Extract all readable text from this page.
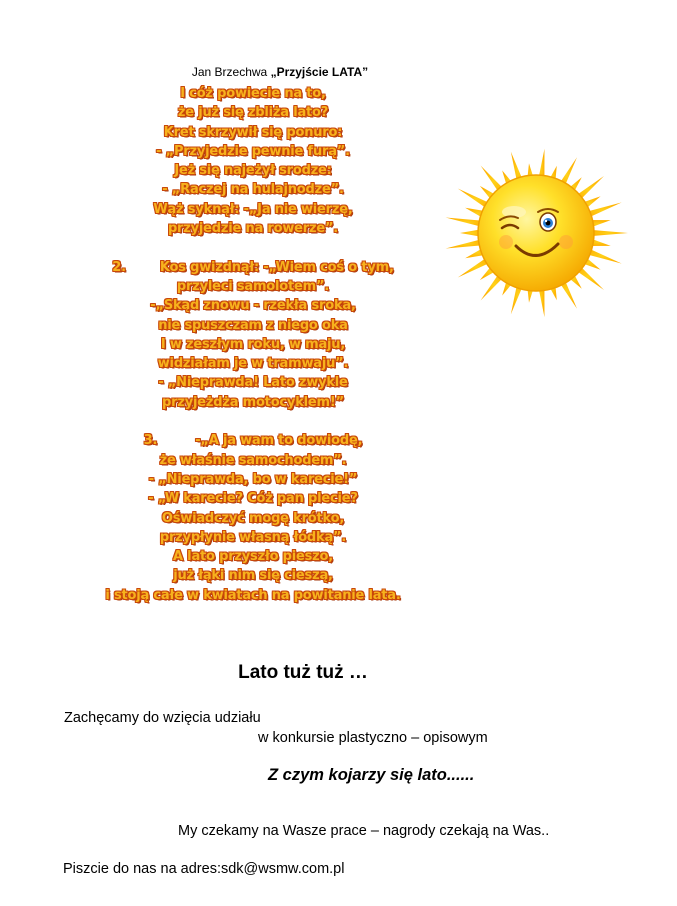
Jan Brzechwa „Przyjście LATA”
I cóż powiecie na to,
że już się zbliża lato?
Kret skrzywił się ponuro:
- „Przyjedzie pewnie furą”.
Jeż się najeżył srodze:
- „Raczej na hulajnodze”.
Wąż syknął: -„Ja nie wierzę,
przyjedzie na rowerze”.
2.	Kos gwizdnął: -„Wiem coś o tym,
przyleci samolotem”.
-„Skąd znowu - rzekła sroka,
nie spuszczam z niego oka
I w zeszłym roku, w maju,
widziałam je w tramwaju”.
- „Nieprawda! Lato zwykle
przyjeżdża motocyklem!”
3.	-„A ja wam to dowiodę,
że właśnie samochodem”.
- „Nieprawda, bo w karecie!”
- „W karecie? Cóż pan plecie?
Oświadczyć mogę krótko,
przypłynie własną łódką”.
A lato przyszło pieszo,
już łąki nim się cieszą,
i stoją całe w kwiatach na powitanie lata.
Lato tuż tuż …
Zachęcamy do wzięcia udziału
w konkursie plastyczno – opisowym
Z czym kojarzy się lato......
My czekamy na Wasze prace – nagrody czekają na Was..
Piszcie do nas na adres:sdk@wsmw.com.pl
